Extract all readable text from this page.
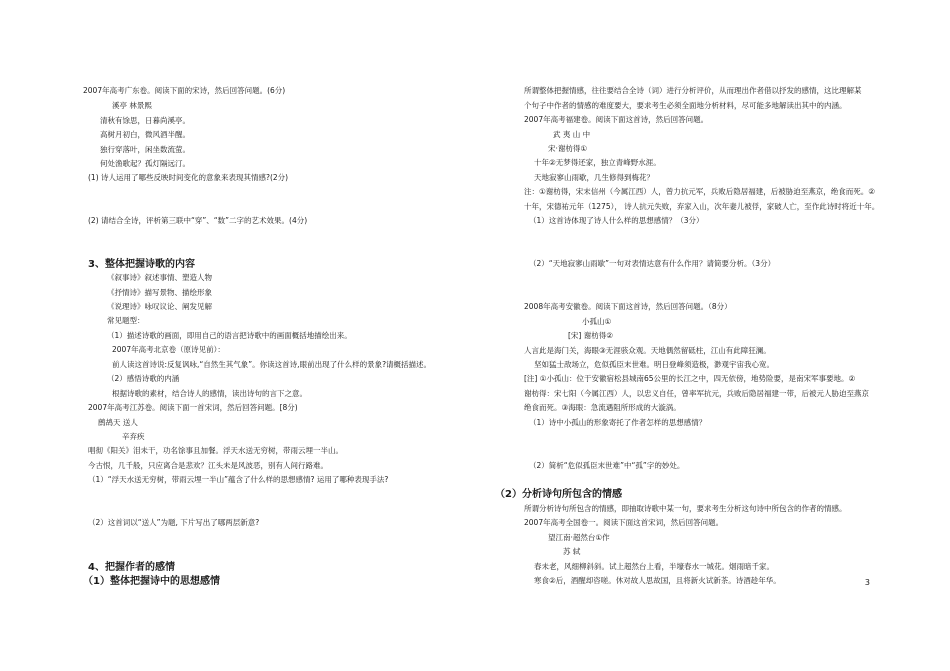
2007年高考广东卷。阅读下面的宋诗，然后回答问题。(6分)
溪亭 林景熙
清秋有馀思，日暮尚溪亭。
高树月初白，微风酒半醒。
独行穿落叶，闲坐数流萤。
何处渔歌起？孤灯隔远汀。
(1) 诗人运用了哪些反映时间变化的意象来表现其情感?(2分)
(2) 请结合全诗，评析第三联中“穿”、“数”二字的艺术效果。(4分)
3、整体把握诗歌的内容
《叙事诗》叙述事情、塑造人物
《抒情诗》描写景物、描绘形象
《说理诗》咏叹议论、阐发见解
常见题型：
（1）描述诗歌的画面，即用自己的语言把诗歌中的画面概括地描绘出来。
2007年高考北京卷（原诗见前）：
前人读这首诗说:反复讽咏,“自然生其气象”。你读这首诗,眼前出现了什么样的景象?请概括描述。
（2）感悟诗歌的内涵
根据诗歌的素材，结合诗人的感情，读出诗句的言下之意。
2007年高考江苏卷。阅读下面一首宋词，然后回答问题。[8分)
鹧鸪天 送人
辛弃疾
唱彻《阳关》泪未干，功名馀事且加餐。浮天水送无穷树，带雨云埋一半山。
今古恨，几千般，只应离合是悲欢？江头未是风波恶，别有人间行路难。
（1）“浮天水送无穷树，带雨云埋一半山”蕴含了什么样的思想感情? 运用了哪种表现手法?
（2）这首词以“送人”为题, 下片写出了哪两层新意?
4、把握作者的感情
（1）整体把握诗中的思想感情
所谓整体把握情感，往往要结合全诗（词）进行分析评价，从而理出作者借以抒发的感情，这比理解某
个句子中作者的情感的难度要大，要求考生必须全面地分析材料，尽可能多地解读出其中的内涵。
2007年高考福建卷。阅读下面这首诗，然后回答问题。
武 夷 山 中
宋·谢枋得①
十年②无梦得还家，独立青峰野水涯。
天地寂寥山雨歇，几生修得到梅花？
注：①谢枋得，宋末信州（今属江西）人，曾力抗元军，兵败后隐居福建，后被胁迫至燕京，绝食而死。②
十年，宋德祐元年（1275）， 诗人抗元失败，弃家入山，次年妻儿被俘，家破人亡，至作此诗时将近十年。
（1）这首诗体现了诗人什么样的思想感情？（3分）
（2）“天地寂寥山雨歇”一句对表情达意有什么作用？请简要分析。（3分）
2008年高考安徽卷。阅读下面这首诗，然后回答问题。（8分）
小孤山①
[宋] 谢枋得②
人言此是海门关，海眼③无涯骇众观。天地偶然留砥柱，江山有此障狂澜。
坚如猛士敌场立，危似孤臣末世难。明日登峰须造极，渺观宇宙我心宽。
[注] ①小孤山：位于安徽宿松县城南65公里的长江之中，四无依傍，地势险要，是南宋军事要地。②
谢枋得：宋七阳（今属江西）人，以忠义自任，曾率军抗元，兵败后隐居福建一带，后被元人胁迫至燕京
绝食而死。③海眼：急流遇阻所形成的大漩涡。
（1）诗中小孤山的形象寄托了作者怎样的思想感情？
（2）简析“危似孤臣末世难”中“孤”字的妙处。
（2）分析诗句所包含的情感
所谓分析诗句所包含的情感，即抽取诗歌中某一句，要求考生分析这句诗中所包含的作者的情感。
2007年高考全国卷一。阅读下面这首宋词，然后回答问题。
望江南·超然台①作
苏 轼
春未老，风细柳斜斜。试上超然台上看，半壕春水一城花。烟雨暗千家。
寒食②后，酒醒却咨嗟。休对故人思故国，且将新火试新茶。诗酒趁年华。	3
